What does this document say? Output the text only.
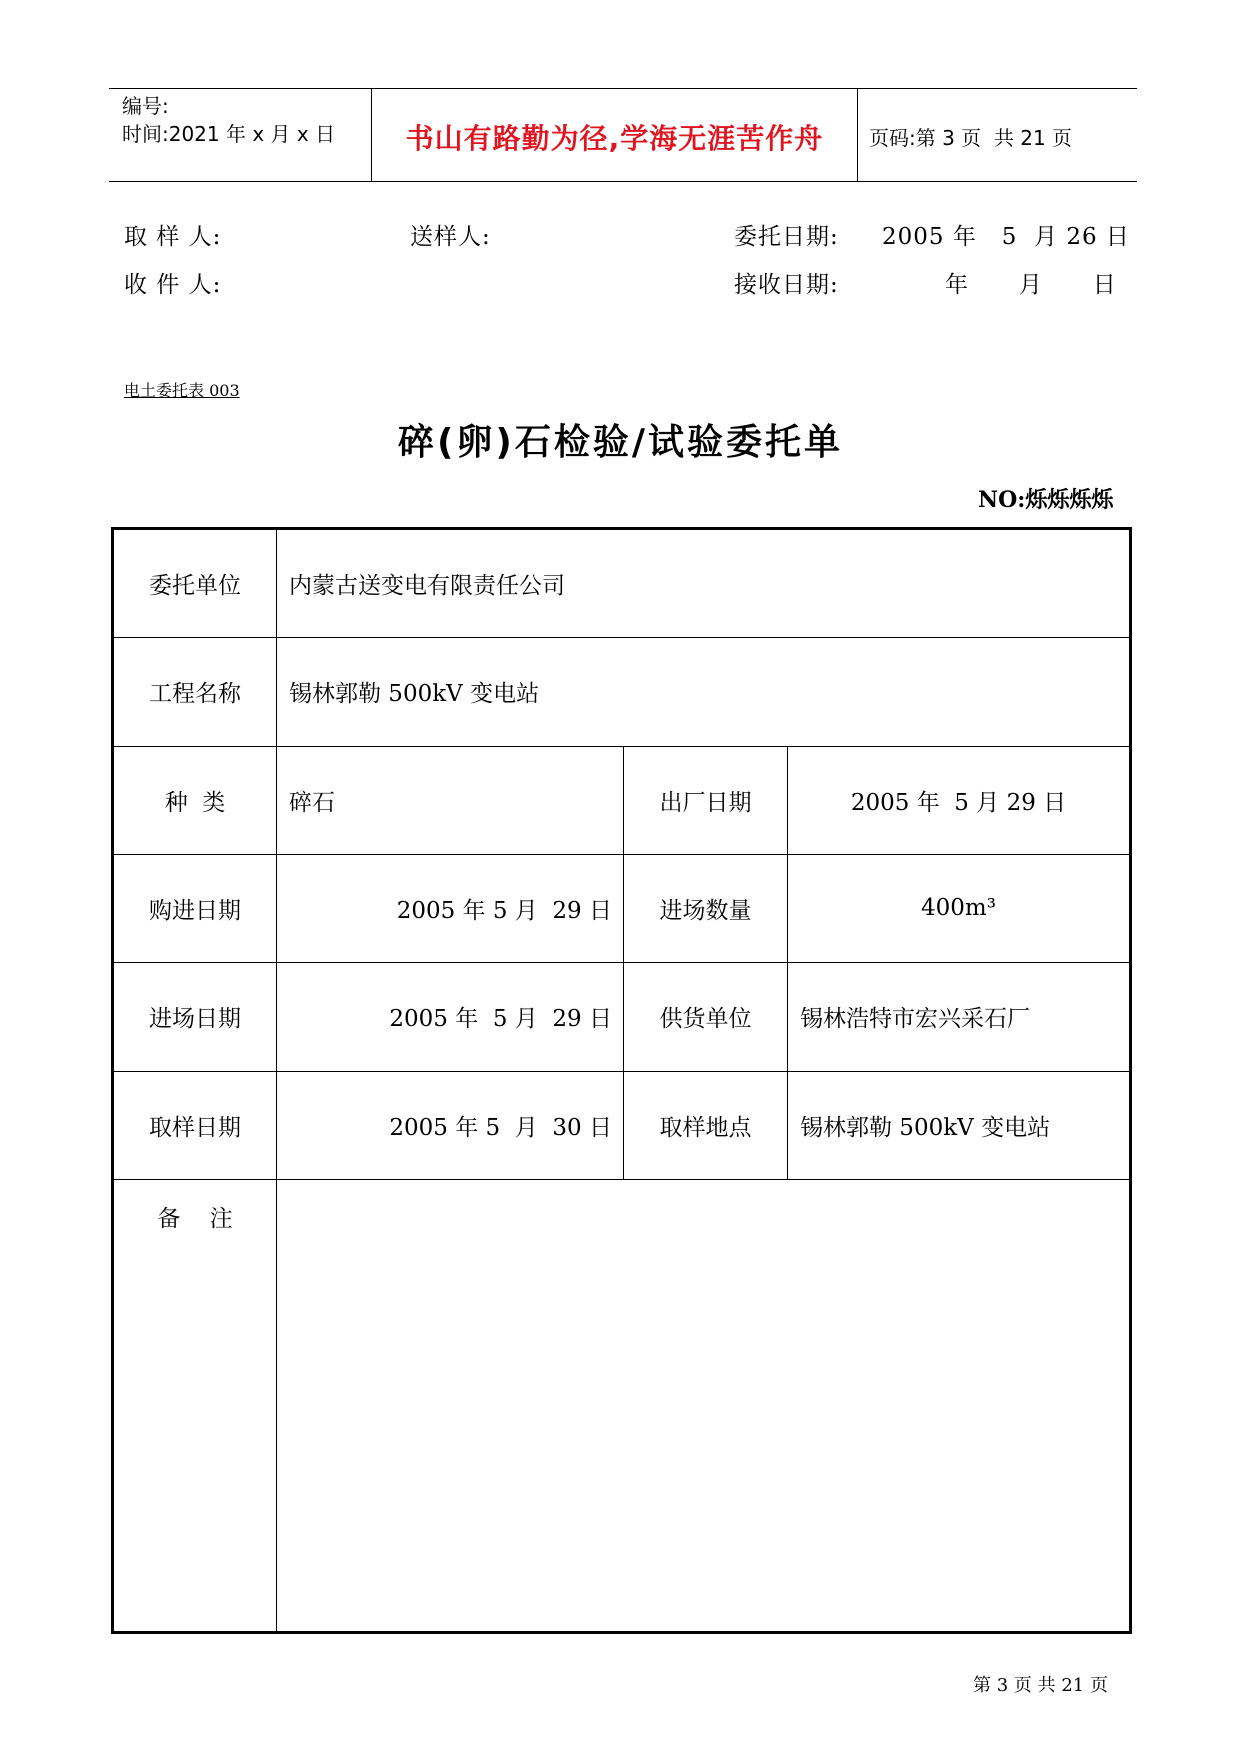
编号:
时间:2021 年 x 月 x 日	书山有路勤为径,学海无涯苦作舟	页码:第 3 页  共 21 页
取 样 人:	送样人:	委托日期: 2005 年   5  月 26 日
收 件 人:	接收日期:	年      月      日
电土委托表 003
碎(卵)石检验/试验委托单
NO:烁烁烁烁
委托单位	内蒙古送变电有限责任公司
工程名称	锡林郭勒 500kV 变电站
种  类	碎石	出厂日期	2005 年  5 月 29 日
购进日期	2005 年 5 月  29 日	进场数量	400m³
进场日期	2005 年  5 月  29 日	供货单位	锡林浩特市宏兴采石厂
取样日期	2005 年 5  月  30 日	取样地点	锡林郭勒 500kV 变电站
备    注
第 3 页 共 21 页
